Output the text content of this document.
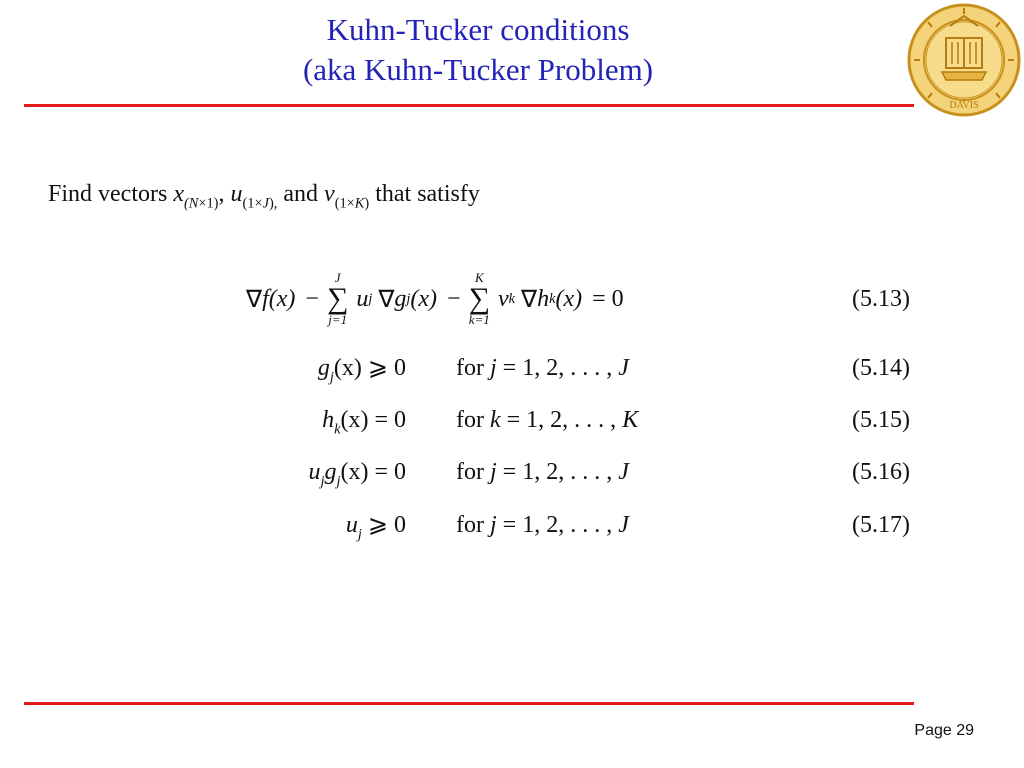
Kuhn-Tucker conditions
(aka Kuhn-Tucker Problem)
DAVIS
Find vectors $x_{(N\times 1)}$, $u_{(1\times J),}$ and $v_{(1\times K)}$ that satisfy
∇ f ( x ) −
J
∑
j=1
u j
∇ g j ( x ) −
K
∑
k=1
v k
∇ h k ( x ) = 0	(5.13)
$g_j(x)$ ⩾ 0 for j = 1, 2, . . . , J	(5.14)
$h_k(x) = 0$ for k = 1, 2, . . . , K	(5.15)
$u_jg_j(x) = 0$ for j = 1, 2, . . . , J	(5.16)
$u_j$ ⩾ 0 for j = 1, 2, . . . , J	(5.17)
Page 29
